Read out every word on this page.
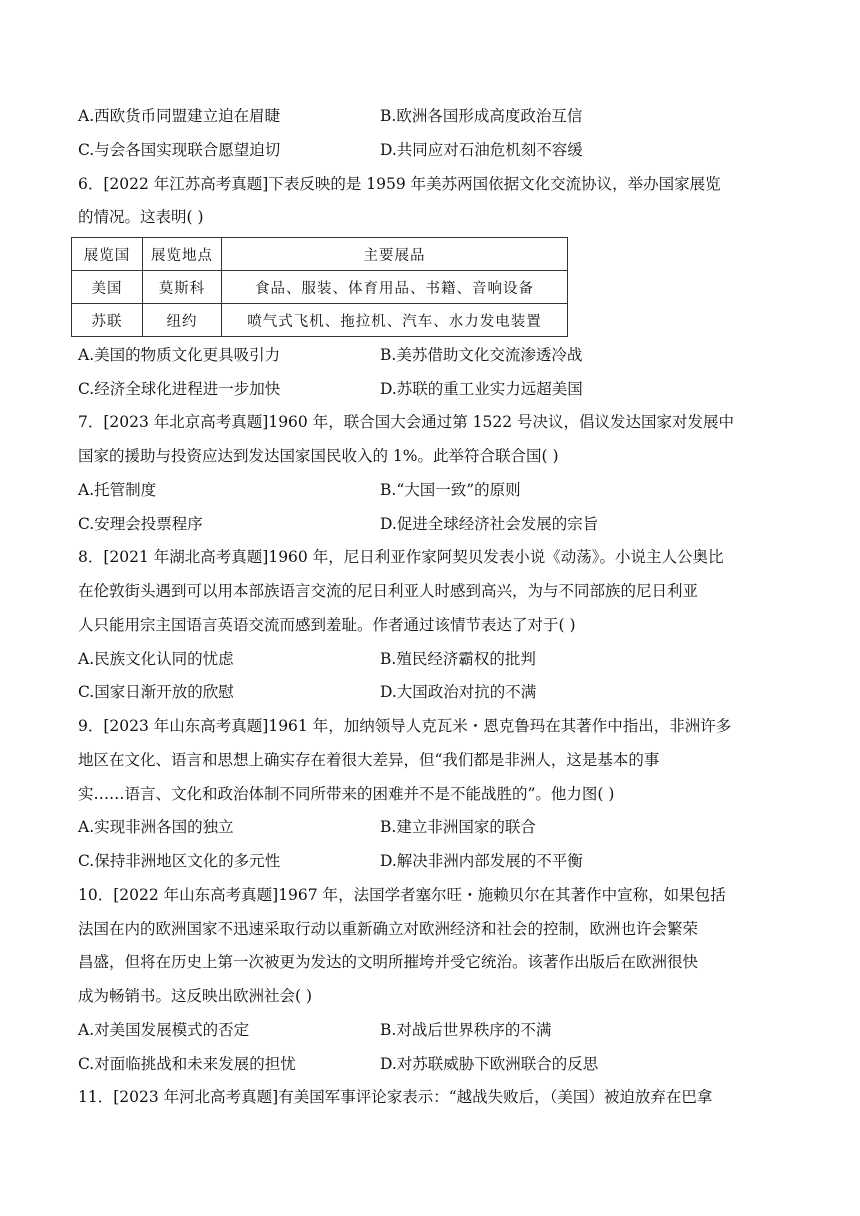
A.西欧货币同盟建立迫在眉睫	B.欧洲各国形成高度政治互信
C.与会各国实现联合愿望迫切	D.共同应对石油危机刻不容缓
6．[2022 年江苏高考真题]下表反映的是 1959 年美苏两国依据文化交流协议，举办国家展览
的情况。这表明( )
展览国	展览地点	主要展品
美国	莫斯科	食品、服装、体育用品、书籍、音响设备
苏联	纽约	喷气式飞机、拖拉机、汽车、水力发电装置
A.美国的物质文化更具吸引力	B.美苏借助文化交流渗透冷战
C.经济全球化进程进一步加快	D.苏联的重工业实力远超美国
7．[2023 年北京高考真题]1960 年，联合国大会通过第 1522 号决议，倡议发达国家对发展中
国家的援助与投资应达到发达国家国民收入的 1%。此举符合联合国( )
A.托管制度	B.“大国一致”的原则
C.安理会投票程序	D.促进全球经济社会发展的宗旨
8．[2021 年湖北高考真题]1960 年，尼日利亚作家阿契贝发表小说《动荡》。小说主人公奥比
在伦敦街头遇到可以用本部族语言交流的尼日利亚人时感到高兴，为与不同部族的尼日利亚
人只能用宗主国语言英语交流而感到羞耻。作者通过该情节表达了对于( )
A.民族文化认同的忧虑	B.殖民经济霸权的批判
C.国家日渐开放的欣慰	D.大国政治对抗的不满
9．[2023 年山东高考真题]1961 年，加纳领导人克瓦米・恩克鲁玛在其著作中指出，非洲许多
地区在文化、语言和思想上确实存在着很大差异，但“我们都是非洲人，这是基本的事
实……语言、文化和政治体制不同所带来的困难并不是不能战胜的”。他力图( )
A.实现非洲各国的独立	B.建立非洲国家的联合
C.保持非洲地区文化的多元性	D.解决非洲内部发展的不平衡
10．[2022 年山东高考真题]1967 年，法国学者塞尔旺・施赖贝尔在其著作中宣称，如果包括
法国在内的欧洲国家不迅速采取行动以重新确立对欧洲经济和社会的控制，欧洲也许会繁荣
昌盛，但将在历史上第一次被更为发达的文明所摧垮并受它统治。该著作出版后在欧洲很快
成为畅销书。这反映出欧洲社会( )
A.对美国发展模式的否定	B.对战后世界秩序的不满
C.对面临挑战和未来发展的担忧	D.对苏联威胁下欧洲联合的反思
11．[2023 年河北高考真题]有美国军事评论家表示：“越战失败后，（美国）被迫放弃在巴拿
